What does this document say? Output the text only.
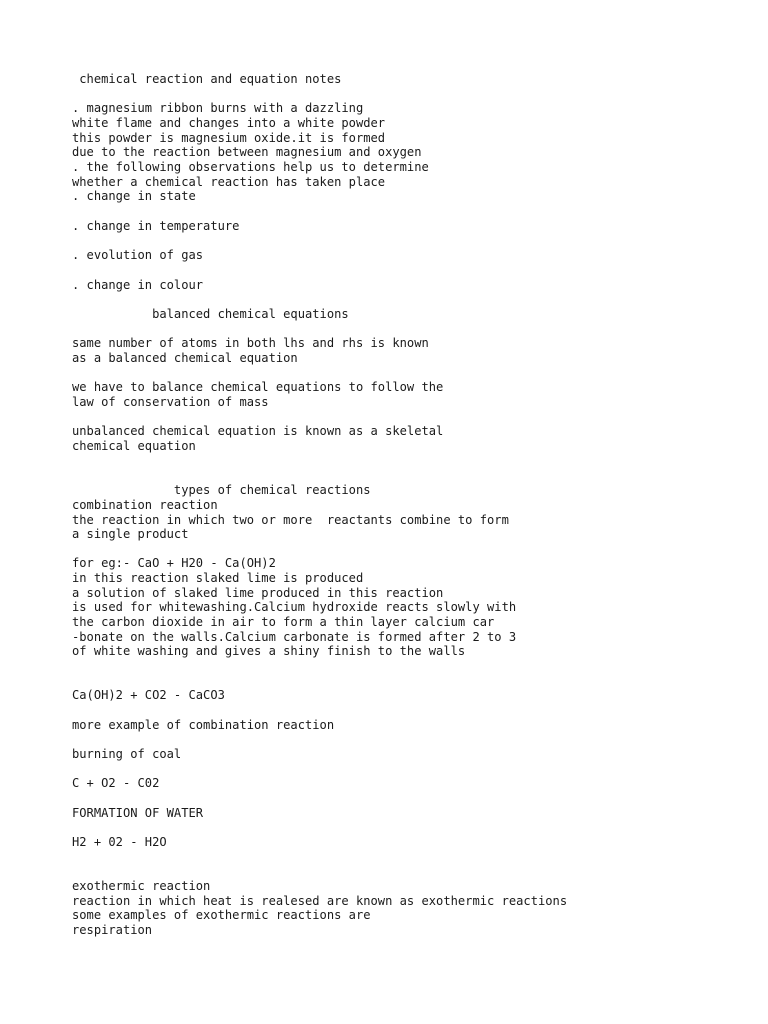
chemical reaction and equation notes

. magnesium ribbon burns with a dazzling

white flame and changes into a white powder

this powder is magnesium oxide.it is formed

due to the reaction between magnesium and oxygen

. the following observations help us to determine

whether a chemical reaction has taken place

. change in state

. change in temperature

. evolution of gas

. change in colour

balanced chemical equations

same number of atoms in both lhs and rhs is known

as a balanced chemical equation

we have to balance chemical equations to follow the

law of conservation of mass

unbalanced chemical equation is known as a skeletal

chemical equation

types of chemical reactions

combination reaction

the reaction in which two or more  reactants combine to form

a single product

for eg:- CaO + H20 - Ca(OH)2

in this reaction slaked lime is produced

a solution of slaked lime produced in this reaction

is used for whitewashing.Calcium hydroxide reacts slowly with

the carbon dioxide in air to form a thin layer calcium car

-bonate on the walls.Calcium carbonate is formed after 2 to 3

of white washing and gives a shiny finish to the walls

Ca(OH)2 + CO2 - CaCO3

more example of combination reaction

burning of coal

C + O2 - C02

FORMATION OF WATER

H2 + 02 - H2O

exothermic reaction

reaction in which heat is realesed are known as exothermic reactions

some examples of exothermic reactions are

respiration
